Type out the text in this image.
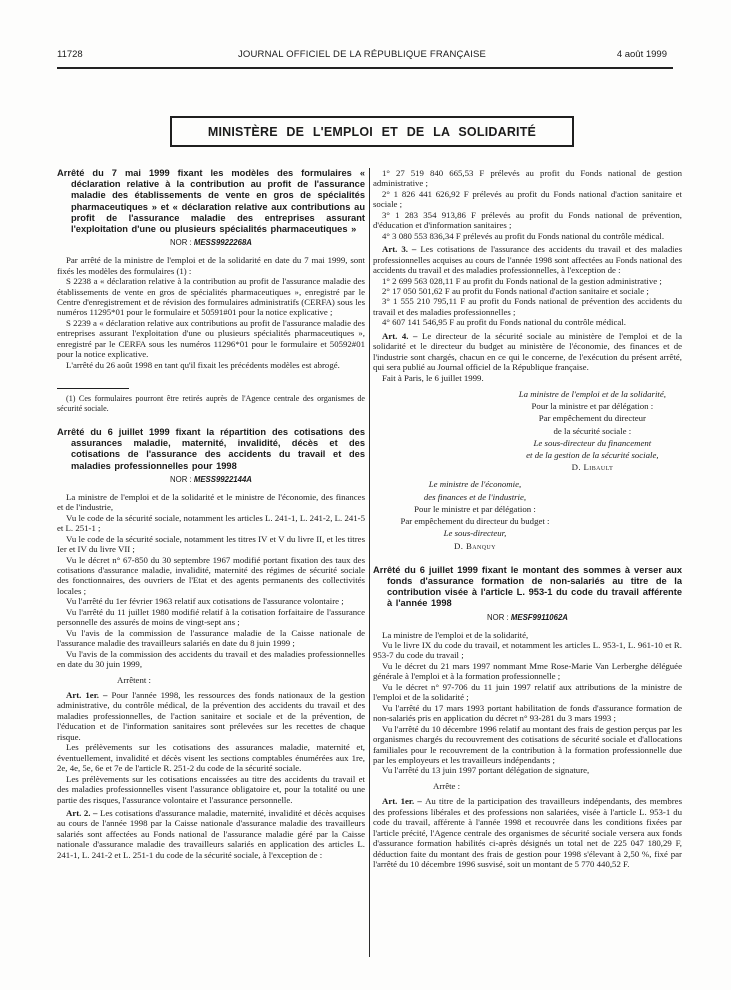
11728	JOURNAL OFFICIEL DE LA RÉPUBLIQUE FRANÇAISE	4 août 1999
MINISTÈRE DE L'EMPLOI ET DE LA SOLIDARITÉ
Arrêté du 7 mai 1999 fixant les modèles des formulaires « déclaration relative à la contribution au profit de l'assurance maladie des établissements de vente en gros de spécialités pharmaceutiques » et « déclaration relative aux contributions au profit de l'assurance maladie des entreprises assurant l'exploitation d'une ou plusieurs spécialités pharmaceutiques »
NOR : MESS9922268A

Par arrêté de la ministre de l'emploi et de la solidarité en date du 7 mai 1999, sont fixés les modèles des formulaires (1) :

S 2238 a « déclaration relative à la contribution au profit de l'assurance maladie des établissements de vente en gros de spécialités pharmaceutiques », enregistré par le Centre d'enregistrement et de révision des formulaires administratifs (CERFA) sous les numéros 11295*01 pour le formulaire et 50591#01 pour la notice explicative ;

S 2239 a « déclaration relative aux contributions au profit de l'assurance maladie des entreprises assurant l'exploitation d'une ou plusieurs spécialités pharmaceutiques », enregistré par le CERFA sous les numéros 11296*01 pour le formulaire et 50592#01 pour la notice explicative.

L'arrêté du 26 août 1998 en tant qu'il fixait les précédents modèles est abrogé.

(1) Ces formulaires pourront être retirés auprès de l'Agence centrale des organismes de sécurité sociale.

Arrêté du 6 juillet 1999 fixant la répartition des cotisations des assurances maladie, maternité, invalidité, décès et des cotisations de l'assurance des accidents du travail et des maladies professionnelles pour 1998
NOR : MESS9922144A

La ministre de l'emploi et de la solidarité et le ministre de l'économie, des finances et de l'industrie,

Vu le code de la sécurité sociale, notamment les articles L. 241-1, L. 241-2, L. 241-5 et L. 251-1 ;

Vu le code de la sécurité sociale, notamment les titres IV et V du livre II, et les titres Ier et IV du livre VII ;

Vu le décret n° 67-850 du 30 septembre 1967 modifié portant fixation des taux des cotisations d'assurance maladie, invalidité, maternité des régimes de sécurité sociale des fonctionnaires, des ouvriers de l'Etat et des agents permanents des collectivités locales ;

Vu l'arrêté du 1er février 1963 relatif aux cotisations de l'assurance volontaire ;

Vu l'arrêté du 11 juillet 1980 modifié relatif à la cotisation forfaitaire de l'assurance personnelle des assurés de moins de vingt-sept ans ;

Vu l'avis de la commission de l'assurance maladie de la Caisse nationale de l'assurance maladie des travailleurs salariés en date du 8 juin 1999 ;

Vu l'avis de la commission des accidents du travail et des maladies professionnelles en date du 30 juin 1999,

Arrêtent :

Art. 1er. – Pour l'année 1998, les ressources des fonds nationaux de la gestion administrative, du contrôle médical, de la prévention des accidents du travail et des maladies professionnelles, de l'action sanitaire et sociale et de la prévention, de l'éducation et de l'information sanitaires sont prélevées sur les recettes de chaque risque.

Les prélèvements sur les cotisations des assurances maladie, maternité et, éventuellement, invalidité et décès visent les sections comptables énumérées aux 1re, 2e, 4e, 5e, 6e et 7e de l'article R. 251-2 du code de la sécurité sociale.

Les prélèvements sur les cotisations encaissées au titre des accidents du travail et des maladies professionnelles visent l'assurance obligatoire et, pour la totalité ou une partie des risques, l'assurance volontaire et l'assurance personnelle.

Art. 2. – Les cotisations d'assurance maladie, maternité, invalidité et décès acquises au cours de l'année 1998 par la Caisse nationale d'assurance maladie des travailleurs salariés sont affectées au Fonds national de l'assurance maladie géré par la Caisse nationale d'assurance maladie des travailleurs salariés en application des articles L. 241-1, L. 241-2 et L. 251-1 du code de la sécurité sociale, à l'exception de :

1° 27 519 840 665,53 F prélevés au profit du Fonds national de gestion administrative ;

2° 1 826 441 626,92 F prélevés au profit du Fonds national d'action sanitaire et sociale ;

3° 1 283 354 913,86 F prélevés au profit du Fonds national de prévention, d'éducation et d'information sanitaires ;

4° 3 080 553 836,34 F prélevés au profit du Fonds national du contrôle médical.

Art. 3. – Les cotisations de l'assurance des accidents du travail et des maladies professionnelles acquises au cours de l'année 1998 sont affectées au Fonds national des accidents du travail et des maladies professionnelles, à l'exception de :

1° 2 699 563 028,11 F au profit du Fonds national de la gestion administrative ;

2° 17 050 501,62 F au profit du Fonds national d'action sanitaire et sociale ;

3° 1 555 210 795,11 F au profit du Fonds national de prévention des accidents du travail et des maladies professionnelles ;

4° 607 141 546,95 F au profit du Fonds national du contrôle médical.

Art. 4. – Le directeur de la sécurité sociale au ministère de l'emploi et de la solidarité et le directeur du budget au ministère de l'économie, des finances et de l'industrie sont chargés, chacun en ce qui le concerne, de l'exécution du présent arrêté, qui sera publié au Journal officiel de la République française.

Fait à Paris, le 6 juillet 1999.

La ministre de l'emploi et de la solidarité,
Pour la ministre et par délégation :
Par empêchement du directeur
de la sécurité sociale :
Le sous-directeur du financement
et de la gestion de la sécurité sociale,
D. Libault
Le ministre de l'économie,
des finances et de l'industrie,
Pour le ministre et par délégation :
Par empêchement du directeur du budget :
Le sous-directeur,
D. Banquy
Arrêté du 6 juillet 1999 fixant le montant des sommes à verser aux fonds d'assurance formation de non-salariés au titre de la contribution visée à l'article L. 953-1 du code du travail afférente à l'année 1998
NOR : MESF9911062A

La ministre de l'emploi et de la solidarité,

Vu le livre IX du code du travail, et notamment les articles L. 953-1, L. 961-10 et R. 953-7 du code du travail ;

Vu le décret du 21 mars 1997 nommant Mme Rose-Marie Van Lerberghe déléguée générale à l'emploi et à la formation professionnelle ;

Vu le décret n° 97-706 du 11 juin 1997 relatif aux attributions de la ministre de l'emploi et de la solidarité ;

Vu l'arrêté du 17 mars 1993 portant habilitation de fonds d'assurance formation de non-salariés pris en application du décret n° 93-281 du 3 mars 1993 ;

Vu l'arrêté du 10 décembre 1996 relatif au montant des frais de gestion perçus par les organismes chargés du recouvrement des cotisations de sécurité sociale et d'allocations familiales pour le recouvrement de la contribution à la formation professionnelle due par les employeurs et les travailleurs indépendants ;

Vu l'arrêté du 13 juin 1997 portant délégation de signature,

Arrête :

Art. 1er. – Au titre de la participation des travailleurs indépendants, des membres des professions libérales et des professions non salariées, visée à l'article L. 953-1 du code du travail, afférente à l'année 1998 et recouvrée dans les conditions fixées par l'article précité, l'Agence centrale des organismes de sécurité sociale versera aux fonds d'assurance formation habilités ci-après désignés un total net de 225 047 180,29 F, déduction faite du montant des frais de gestion pour 1998 s'élevant à 2,50 %, fixé par l'arrêté du 10 décembre 1996 susvisé, soit un montant de 5 770 440,52 F.
